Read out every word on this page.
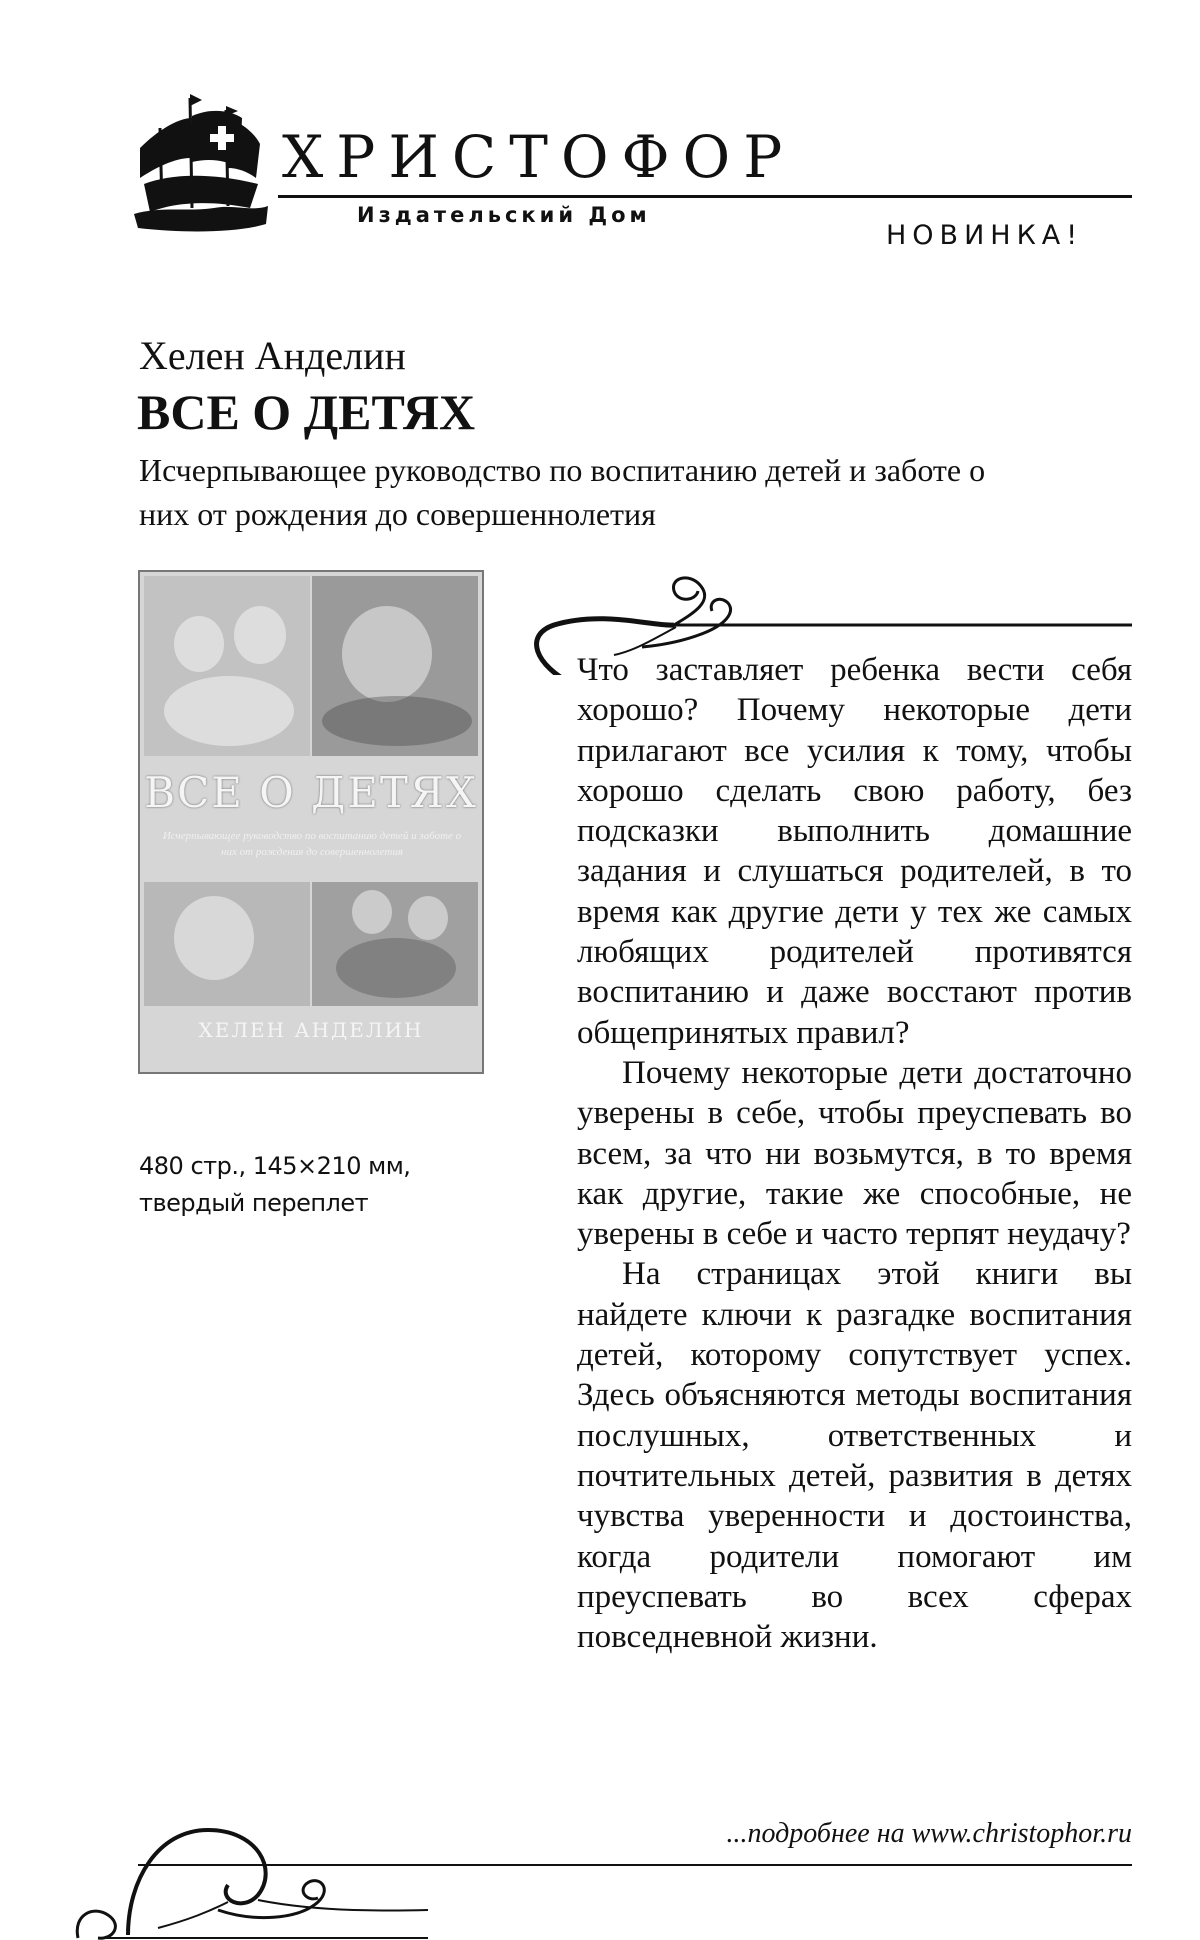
ХРИСТОФОР
Издательский Дом
НОВИНКА!
Хелен Анделин
ВСЕ О ДЕТЯХ
Исчерпывающее руководство по воспитанию детей и заботе о них от рождения до совершеннолетия
ВСЕ О ДЕТЯХ
Исчерпывающее руководство по воспитанию детей и заботе о них от рождения до совершеннолетия
ХЕЛЕН АНДЕЛИН
480 стр., 145×210 мм,
твердый переплет

Что заставляет ребенка вести себя хорошо? Почему некоторые дети прилагают все усилия к тому, чтобы хорошо сделать свою работу, без подсказки выполнить домашние задания и слушаться родителей, в то время как другие дети у тех же самых любящих родителей противятся воспитанию и даже восстают против общепринятых правил?

Почему некоторые дети достаточно уверены в себе, чтобы преуспевать во всем, за что ни возьмутся, в то время как другие, такие же способные, не уверены в себе и часто терпят неудачу?

На страницах этой книги вы найдете ключи к разгадке воспитания детей, которому сопутствует успех. Здесь объясняются методы воспитания послушных, ответственных и почтительных детей, развития в детях чувства уверенности и достоинства, когда родители помогают им преуспевать во всех сферах повседневной жизни.

...подробнее на www.christophor.ru
